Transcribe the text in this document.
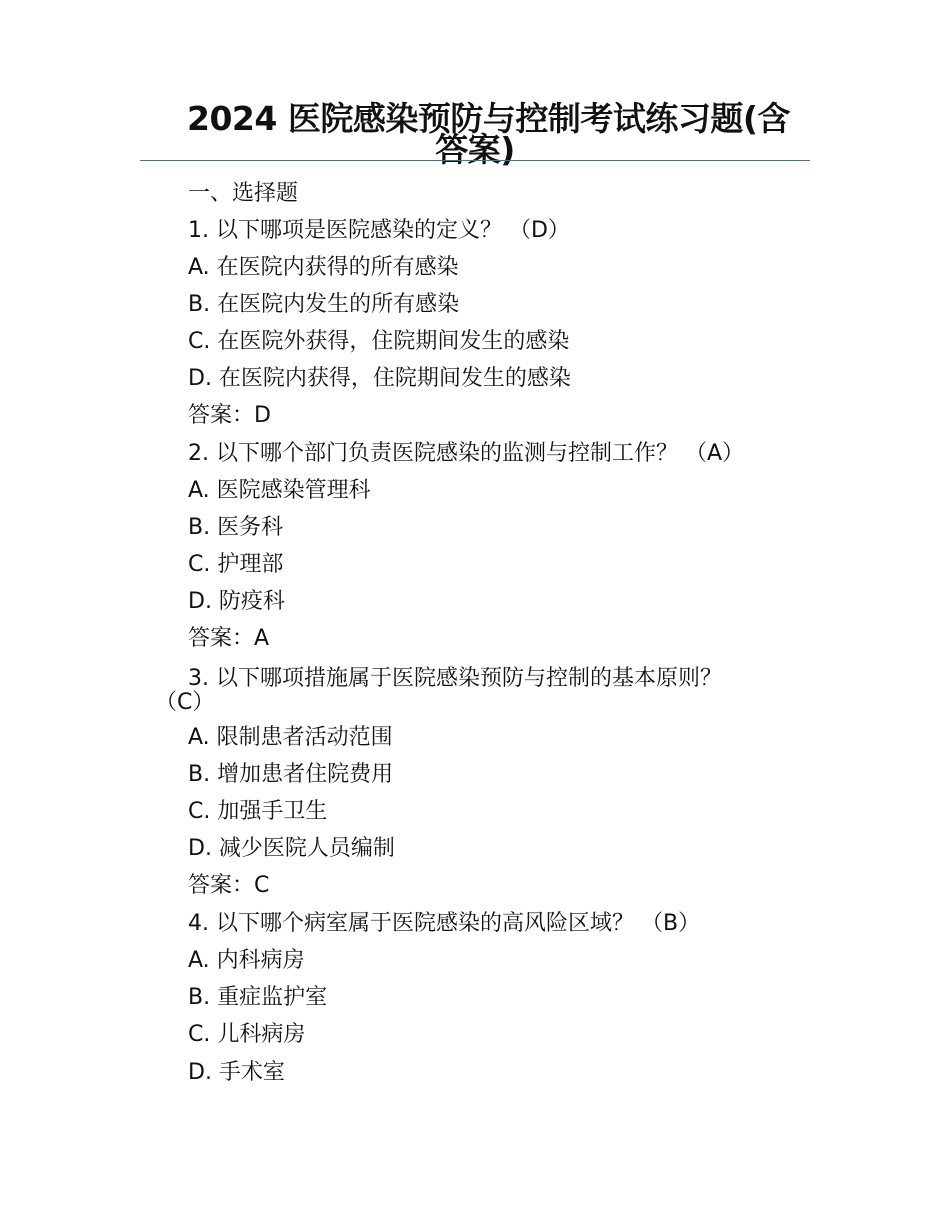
2024 医院感染预防与控制考试练习题(含
答案)
一、选择题
1. 以下哪项是医院感染的定义？ （D）
A. 在医院内获得的所有感染
B. 在医院内发生的所有感染
C. 在医院外获得，住院期间发生的感染
D. 在医院内获得，住院期间发生的感染
答案：D
2. 以下哪个部门负责医院感染的监测与控制工作？ （A）
A. 医院感染管理科
B. 医务科
C. 护理部
D. 防疫科
答案：A
3. 以下哪项措施属于医院感染预防与控制的基本原则？
（C）
A. 限制患者活动范围
B. 增加患者住院费用
C. 加强手卫生
D. 减少医院人员编制
答案：C
4. 以下哪个病室属于医院感染的高风险区域？ （B）
A. 内科病房
B. 重症监护室
C. 儿科病房
D. 手术室
